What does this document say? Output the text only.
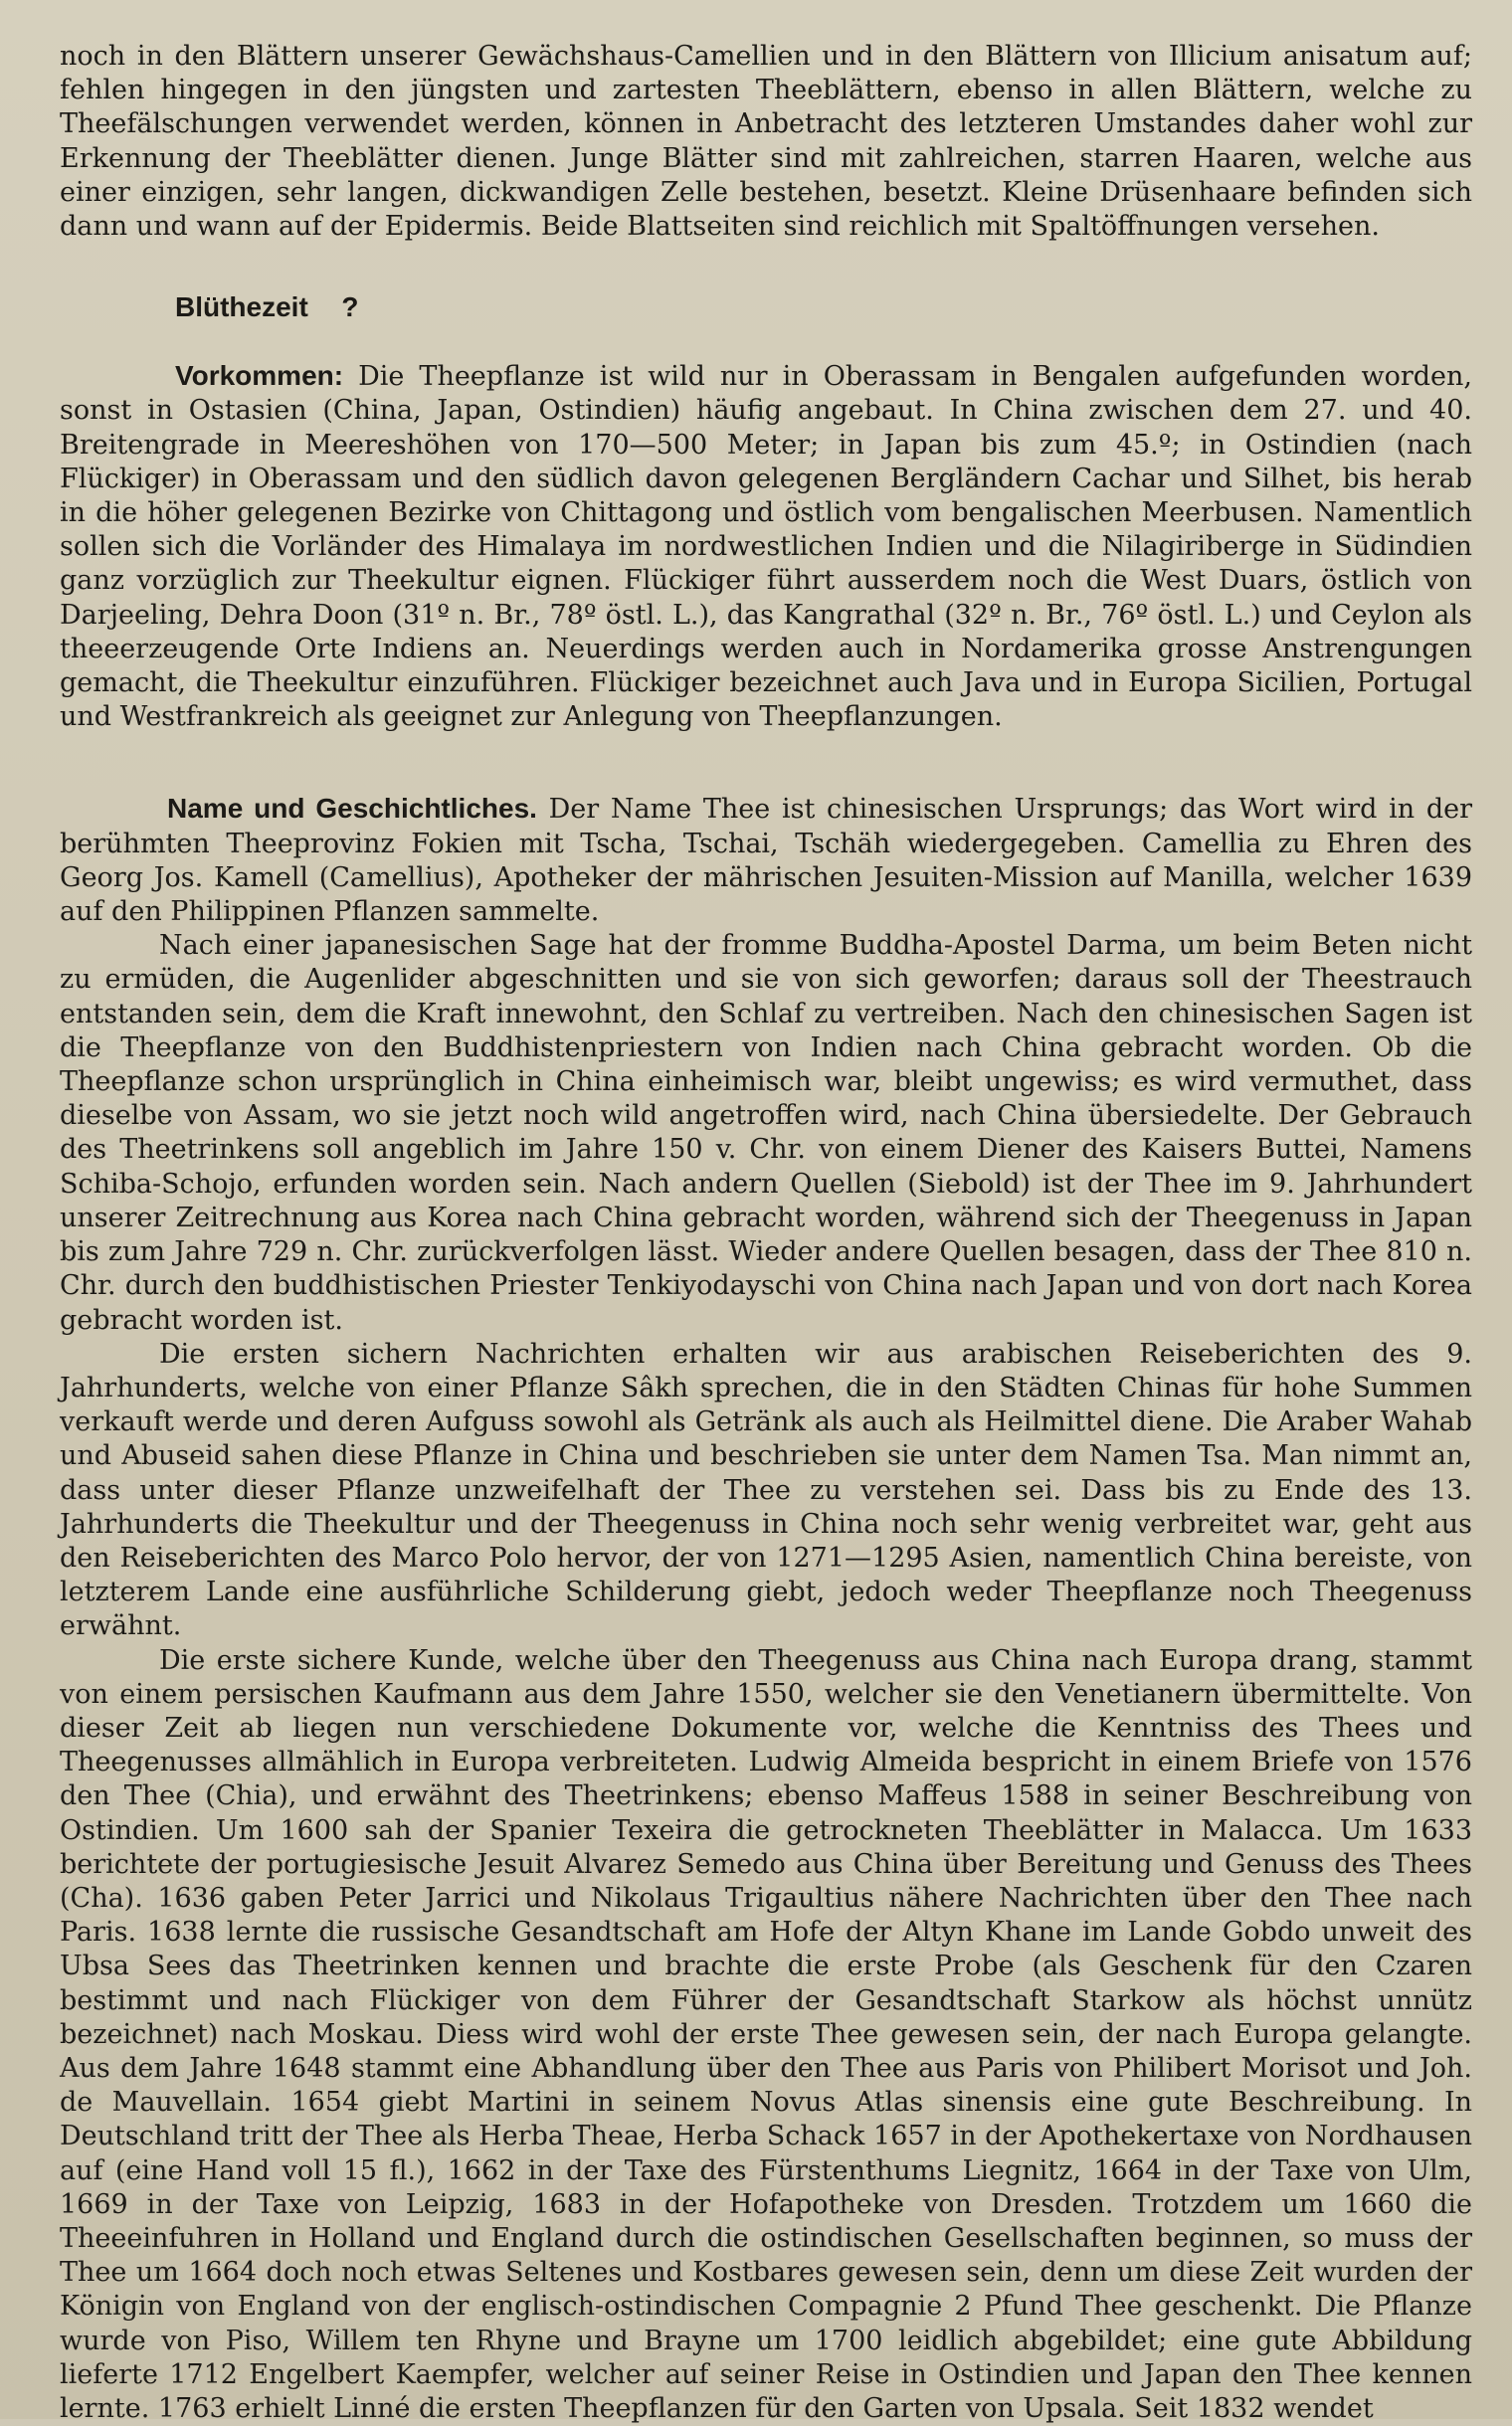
noch in den Blättern unserer Gewächshaus-Camellien und in den Blättern von Illicium anisatum auf; fehlen hingegen in den jüngsten und zartesten Theeblättern, ebenso in allen Blättern, welche zu Theefälschungen verwendet werden, können in Anbetracht des letzteren Umstandes daher wohl zur Erkennung der Theeblätter dienen. Junge Blätter sind mit zahlreichen, starren Haaren, welche aus einer einzigen, sehr langen, dickwandigen Zelle bestehen, besetzt. Kleine Drüsenhaare befinden sich dann und wann auf der Epidermis. Beide Blattseiten sind reichlich mit Spaltöffnungen versehen.

Blüthezeit ?

Vorkommen: Die Theepflanze ist wild nur in Oberassam in Bengalen aufgefunden worden, sonst in Ostasien (China, Japan, Ostindien) häufig angebaut. In China zwischen dem 27. und 40. Breitengrade in Meereshöhen von 170—500 Meter; in Japan bis zum 45.º; in Ostindien (nach Flückiger) in Oberassam und den südlich davon gelegenen Bergländern Cachar und Silhet, bis herab in die höher gelegenen Bezirke von Chittagong und östlich vom bengalischen Meerbusen. Namentlich sollen sich die Vorländer des Himalaya im nordwestlichen Indien und die Nilagiriberge in Südindien ganz vorzüglich zur Theekultur eignen. Flückiger führt ausserdem noch die West Duars, östlich von Darjeeling, Dehra Doon (31º n. Br., 78º östl. L.), das Kangrathal (32º n. Br., 76º östl. L.) und Ceylon als theeerzeugende Orte Indiens an. Neuerdings werden auch in Nordamerika grosse Anstrengungen gemacht, die Theekultur einzuführen. Flückiger bezeichnet auch Java und in Europa Sicilien, Portugal und Westfrankreich als geeignet zur Anlegung von Theepflanzungen.

Name und Geschichtliches. Der Name Thee ist chinesischen Ursprungs; das Wort wird in der berühmten Theeprovinz Fokien mit Tscha, Tschai, Tschäh wiedergegeben. Camellia zu Ehren des Georg Jos. Kamell (Camellius), Apotheker der mährischen Jesuiten-Mission auf Manilla, welcher 1639 auf den Philippinen Pflanzen sammelte.

Nach einer japanesischen Sage hat der fromme Buddha-Apostel Darma, um beim Beten nicht zu ermüden, die Augenlider abgeschnitten und sie von sich geworfen; daraus soll der Theestrauch entstanden sein, dem die Kraft innewohnt, den Schlaf zu vertreiben. Nach den chinesischen Sagen ist die Theepflanze von den Buddhistenpriestern von Indien nach China gebracht worden. Ob die Theepflanze schon ursprünglich in China einheimisch war, bleibt ungewiss; es wird vermuthet, dass dieselbe von Assam, wo sie jetzt noch wild angetroffen wird, nach China übersiedelte. Der Gebrauch des Theetrinkens soll angeblich im Jahre 150 v. Chr. von einem Diener des Kaisers Buttei, Namens Schiba-Schojo, erfunden worden sein. Nach andern Quellen (Siebold) ist der Thee im 9. Jahrhundert unserer Zeitrechnung aus Korea nach China gebracht worden, während sich der Theegenuss in Japan bis zum Jahre 729 n. Chr. zurückverfolgen lässt. Wieder andere Quellen besagen, dass der Thee 810 n. Chr. durch den buddhistischen Priester Tenkiyodayschi von China nach Japan und von dort nach Korea gebracht worden ist.

Die ersten sichern Nachrichten erhalten wir aus arabischen Reiseberichten des 9. Jahrhunderts, welche von einer Pflanze Sâkh sprechen, die in den Städten Chinas für hohe Summen verkauft werde und deren Aufguss sowohl als Getränk als auch als Heilmittel diene. Die Araber Wahab und Abuseid sahen diese Pflanze in China und beschrieben sie unter dem Namen Tsa. Man nimmt an, dass unter dieser Pflanze unzweifelhaft der Thee zu verstehen sei. Dass bis zu Ende des 13. Jahrhunderts die Theekultur und der Theegenuss in China noch sehr wenig verbreitet war, geht aus den Reiseberichten des Marco Polo hervor, der von 1271—1295 Asien, namentlich China bereiste, von letzterem Lande eine ausführliche Schilderung giebt, jedoch weder Theepflanze noch Theegenuss erwähnt.

Die erste sichere Kunde, welche über den Theegenuss aus China nach Europa drang, stammt von einem persischen Kaufmann aus dem Jahre 1550, welcher sie den Venetianern übermittelte. Von dieser Zeit ab liegen nun verschiedene Dokumente vor, welche die Kenntniss des Thees und Theegenusses allmählich in Europa verbreiteten. Ludwig Almeida bespricht in einem Briefe von 1576 den Thee (Chia), und erwähnt des Theetrinkens; ebenso Maffeus 1588 in seiner Beschreibung von Ostindien. Um 1600 sah der Spanier Texeira die getrockneten Theeblätter in Malacca. Um 1633 berichtete der portugiesische Jesuit Alvarez Semedo aus China über Bereitung und Genuss des Thees (Cha). 1636 gaben Peter Jarrici und Nikolaus Trigaultius nähere Nachrichten über den Thee nach Paris. 1638 lernte die russische Gesandtschaft am Hofe der Altyn Khane im Lande Gobdo unweit des Ubsa Sees das Theetrinken kennen und brachte die erste Probe (als Geschenk für den Czaren bestimmt und nach Flückiger von dem Führer der Gesandtschaft Starkow als höchst unnütz bezeichnet) nach Moskau. Diess wird wohl der erste Thee gewesen sein, der nach Europa gelangte. Aus dem Jahre 1648 stammt eine Abhandlung über den Thee aus Paris von Philibert Morisot und Joh. de Mauvellain. 1654 giebt Martini in seinem Novus Atlas sinensis eine gute Beschreibung. In Deutschland tritt der Thee als Herba Theae, Herba Schack 1657 in der Apothekertaxe von Nordhausen auf (eine Hand voll 15 fl.), 1662 in der Taxe des Fürstenthums Liegnitz, 1664 in der Taxe von Ulm, 1669 in der Taxe von Leipzig, 1683 in der Hofapotheke von Dresden. Trotzdem um 1660 die Theeeinfuhren in Holland und England durch die ostindischen Gesellschaften beginnen, so muss der Thee um 1664 doch noch etwas Seltenes und Kostbares gewesen sein, denn um diese Zeit wurden der Königin von England von der englisch-ostindischen Compagnie 2 Pfund Thee geschenkt. Die Pflanze wurde von Piso, Willem ten Rhyne und Brayne um 1700 leidlich abgebildet; eine gute Abbildung lieferte 1712 Engelbert Kaempfer, welcher auf seiner Reise in Ostindien und Japan den Thee kennen lernte. 1763 erhielt Linné die ersten Theepflanzen für den Garten von Upsala. Seit 1832 wendet
